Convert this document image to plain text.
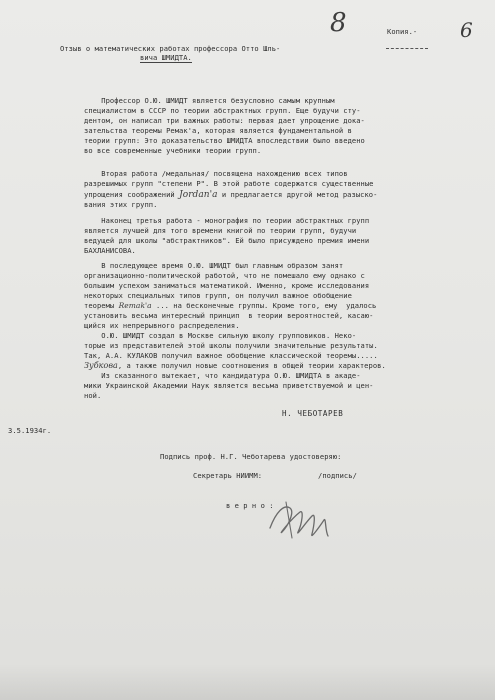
8	6
Копия.-
Отзыв о математических работах профессора Отто Шль-
вича ШМИДТА.
Профессор О.Ю. ШМИДТ является безусловно самым крупным
специалистом в СССР по теории абстрактных групп. Еще будучи сту-
дентом, он написал три важных работы: первая дает упрощение дока-
зательства теоремы Ремак'а, которая является фундаментальной в
теории групп: Это доказательство ШМИДТА впоследствии было введено
во все современные учебники теории групп.
Вторая работа /медальная/ посвящена нахождению всех типов
разрешимых групп "степени P". В этой работе содержатся существенные
упрощения соображений Jordan'а и предлагается другой метод разыско-
вания этих групп.
Наконец третья работа - монография по теории абстрактных групп
является лучшей для того времени книгой по теории групп, будучи
ведущей для школы "абстрактников". Ей было присуждено премия имени
БАХЛАНИСОВА.
В последующее время О.Ю. ШМИДТ был главным образом занят
организационно-политической работой, что не помешало ему однако с
большим успехом заниматься математикой. Именно, кроме исследования
некоторых специальных типов групп, он получил важное обобщение
теоремы Remak'a ... на бесконечные группы. Кроме того, ему  удалось
установить весьма интересный принцип  в теории вероятностей, касаю-
щийся их непрерывного распределения.
О.Ю. ШМИДТ создал в Москве сильную школу групповиков. Неко-
торые из представителей этой школы получили значительные результаты.
Так, А.А. КУЛАКОВ получил важное обобщение классической теоремы.....
Зубкова, а также получил новые соотношения в общей теории характеров.
Из сказанного вытекает, что кандидатура О.Ю. ШМИДТА в акаде-
мики Украинской Академии Наук является весьма приветствуемой и цен-
ной.
Н. ЧЕБОТАРЕВ
3.5.1934г.
Подпись проф. Н.Г. Чеботарева удостоверяю:
Секретарь НИИММ:	/подпись/
в е р н о :
